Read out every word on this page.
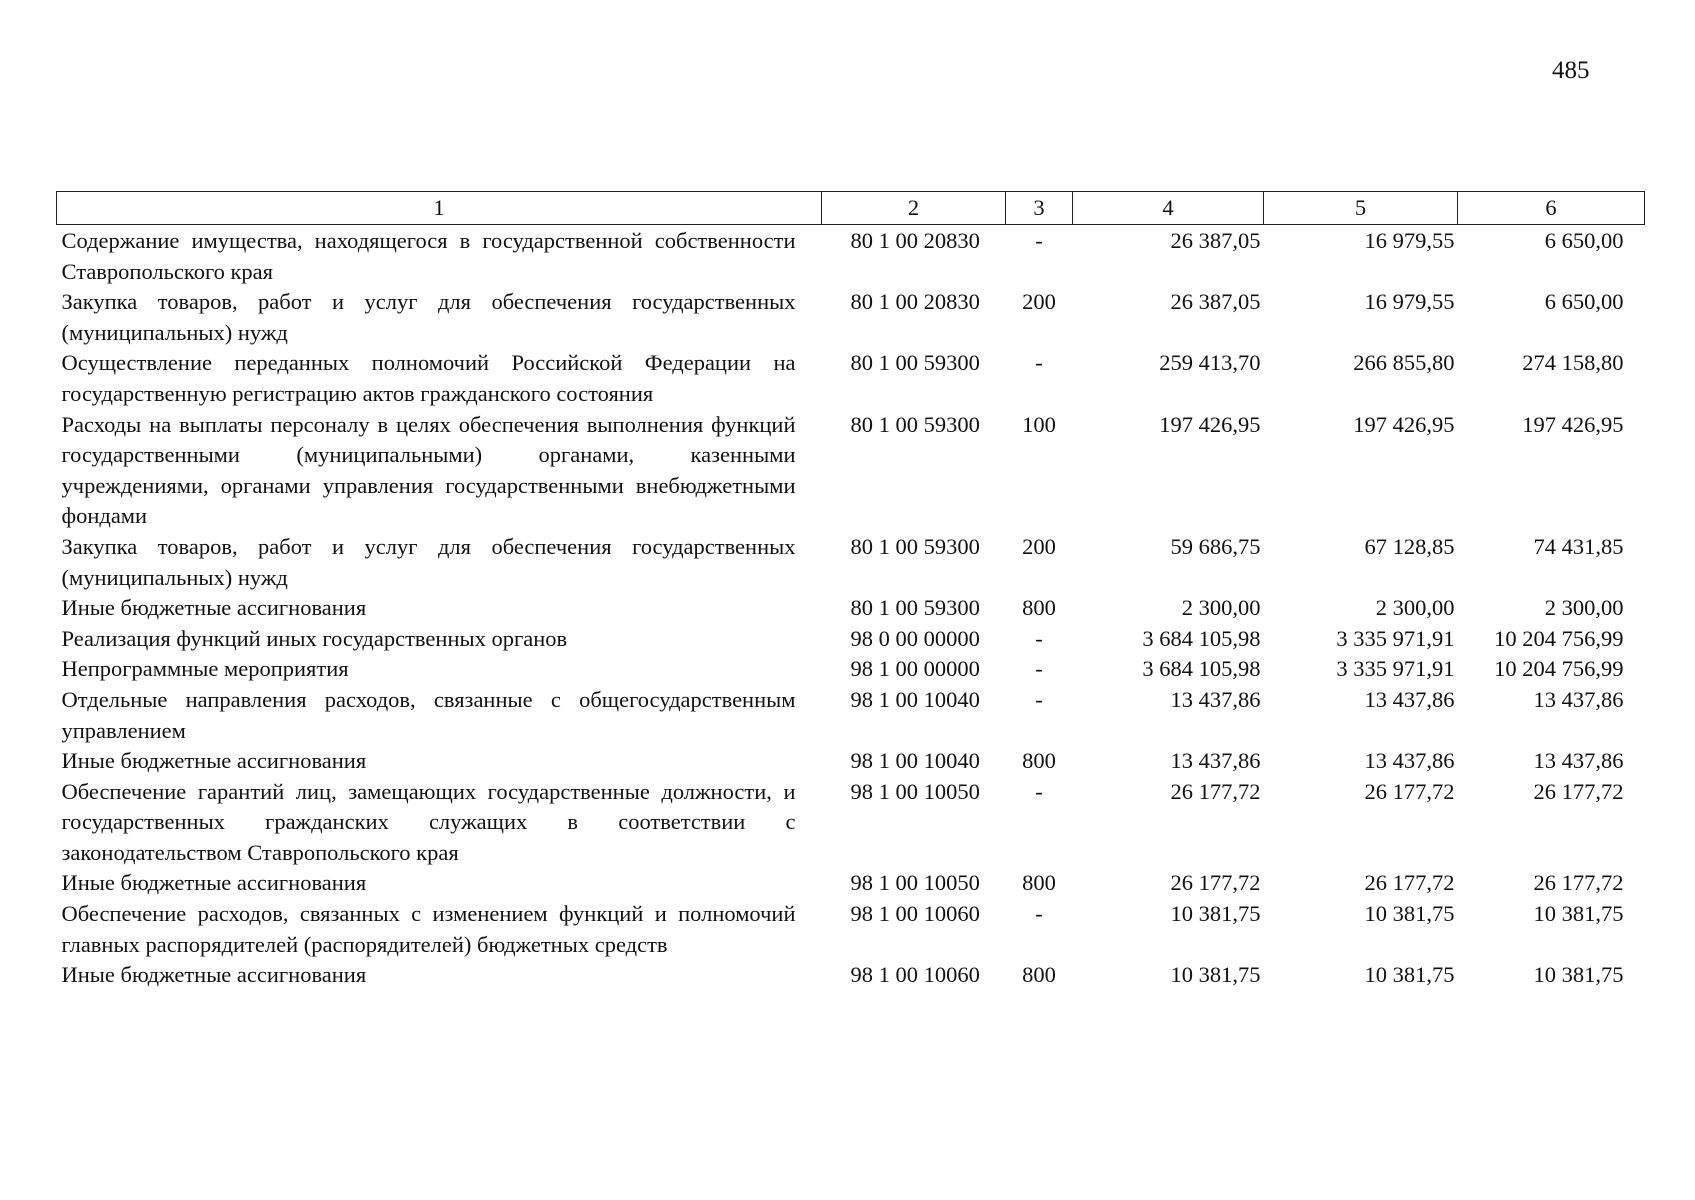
485
1	2	3	4	5	6
Содержание имущества, находящегося в государственной собственности Ставропольского края	80 1 00 20830	-	26 387,05	16 979,55	6 650,00
Закупка товаров, работ и услуг для обеспечения государственных (муниципальных) нужд	80 1 00 20830	200	26 387,05	16 979,55	6 650,00
Осуществление переданных полномочий Российской Федерации на государственную регистрацию актов гражданского состояния	80 1 00 59300	-	259 413,70	266 855,80	274 158,80
Расходы на выплаты персоналу в целях обеспечения выполнения функций государственными (муниципальными) органами, казенными учреждениями, органами управления государственными внебюджетными фондами	80 1 00 59300	100	197 426,95	197 426,95	197 426,95
Закупка товаров, работ и услуг для обеспечения государственных (муниципальных) нужд	80 1 00 59300	200	59 686,75	67 128,85	74 431,85
Иные бюджетные ассигнования	80 1 00 59300	800	2 300,00	2 300,00	2 300,00
Реализация функций иных государственных органов	98 0 00 00000	-	3 684 105,98	3 335 971,91	10 204 756,99
Непрограммные мероприятия	98 1 00 00000	-	3 684 105,98	3 335 971,91	10 204 756,99
Отдельные направления расходов, связанные с общегосударственным управлением	98 1 00 10040	-	13 437,86	13 437,86	13 437,86
Иные бюджетные ассигнования	98 1 00 10040	800	13 437,86	13 437,86	13 437,86
Обеспечение гарантий лиц, замещающих государственные должности, и государственных гражданских служащих в соответствии с законодательством Ставропольского края	98 1 00 10050	-	26 177,72	26 177,72	26 177,72
Иные бюджетные ассигнования	98 1 00 10050	800	26 177,72	26 177,72	26 177,72
Обеспечение расходов, связанных с изменением функций и полномочий главных распорядителей (распорядителей) бюджетных средств	98 1 00 10060	-	10 381,75	10 381,75	10 381,75
Иные бюджетные ассигнования	98 1 00 10060	800	10 381,75	10 381,75	10 381,75
